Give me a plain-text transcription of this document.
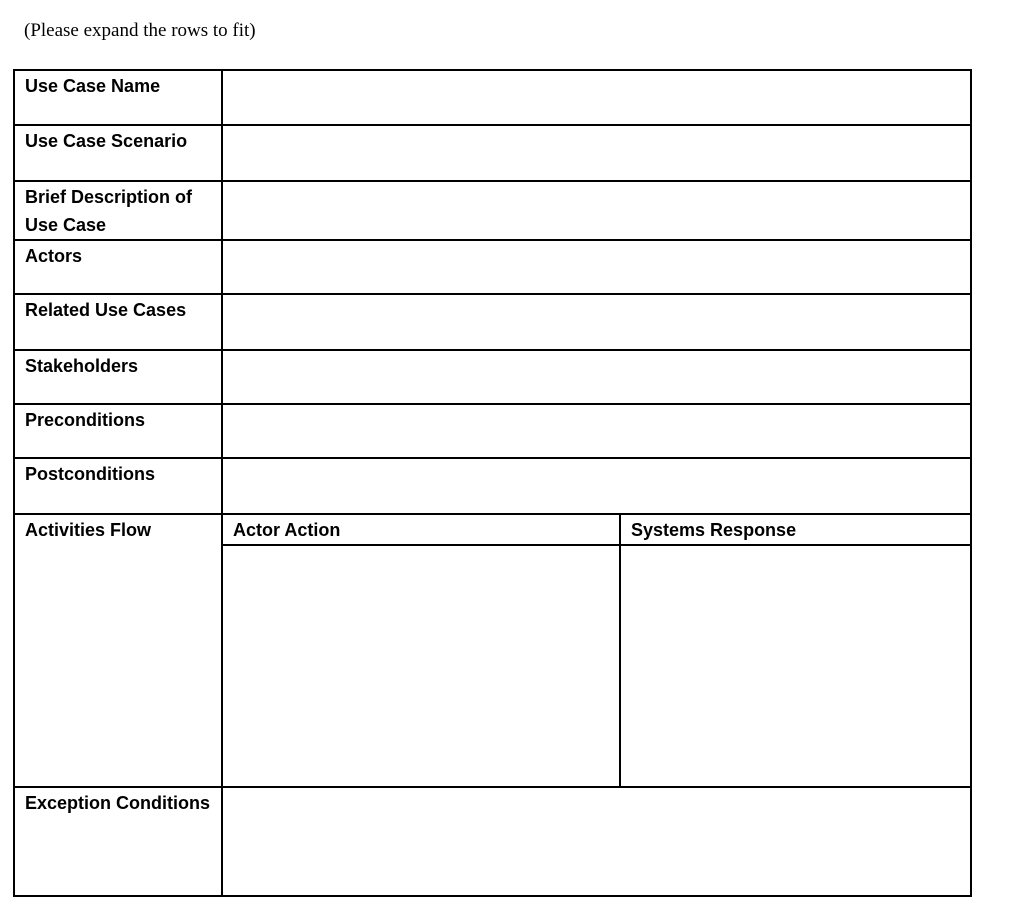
(Please expand the rows to fit)
Use Case Name		
Use Case Scenario		
Brief Description of Use Case		
Actors		
Related Use Cases		
Stakeholders		
Preconditions		
Postconditions		
Activities Flow	Actor Action	Systems Response

Exception Conditions		
